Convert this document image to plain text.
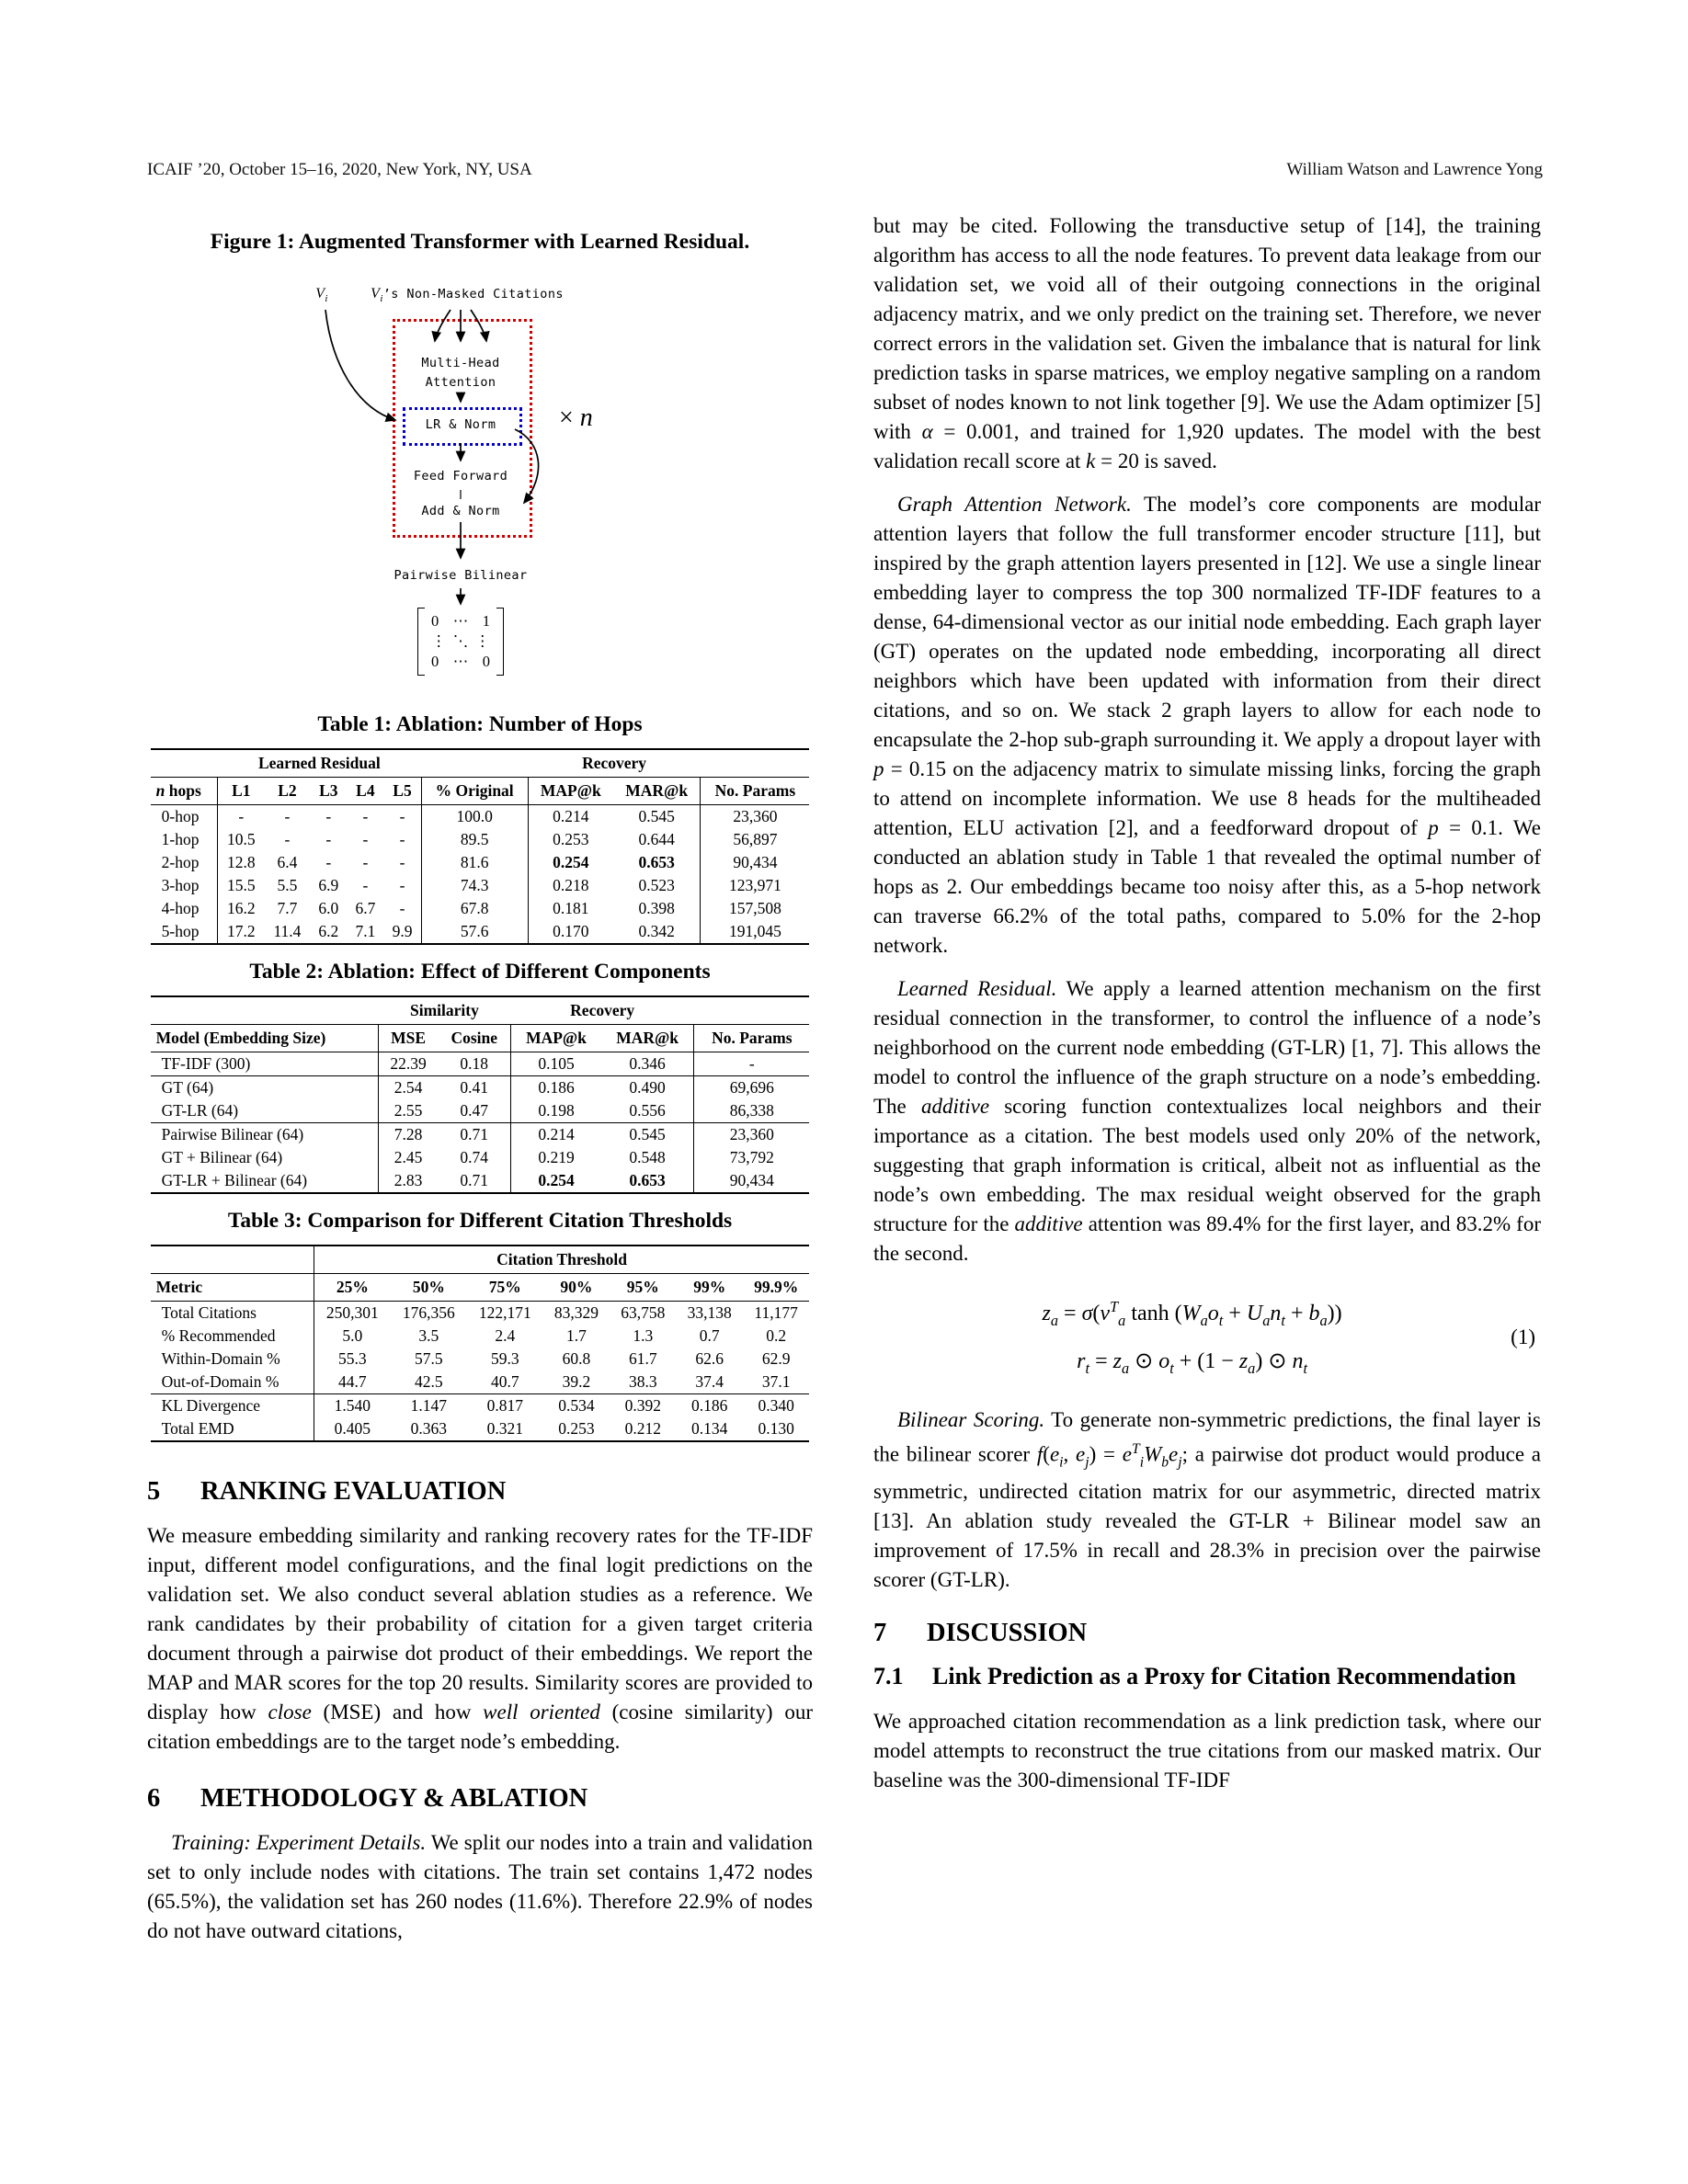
ICAIF ’20, October 15–16, 2020, New York, NY, USA	William Watson and Lawrence Yong
Figure 1: Augmented Transformer with Learned Residual.
$V_i$	$V_i’s$ Non-Masked Citations
Multi-Head
Attention
LR & Norm × n
Feed Forward
Add & Norm
Pairwise Bilinear
0 ⋯ 1
⋮ ⋱ ⋮
0 ⋯ 0
Table 1: Ablation: Number of Hops
	Learned Residual						Recovery		
n hops	L1	L2	L3	L4	L5	% Original	MAP@k	MAR@k	No. Params
0-hop	-	-	-	-	-	100.0	0.214	0.545	23,360
1-hop	10.5	-	-	-	-	89.5	0.253	0.644	56,897
2-hop	12.8	6.4	-	-	-	81.6	0.254	0.653	90,434
3-hop	15.5	5.5	6.9	-	-	74.3	0.218	0.523	123,971
4-hop	16.2	7.7	6.0	6.7	-	67.8	0.181	0.398	157,508
5-hop	17.2	11.4	6.2	7.1	9.9	57.6	0.170	0.342	191,045
Table 2: Ablation: Effect of Different Components
	Similarity		Recovery		
Model (Embedding Size)	MSE	Cosine	MAP@k	MAR@k	No. Params
TF-IDF (300)	22.39	0.18	0.105	0.346	-
GT (64)	2.54	0.41	0.186	0.490	69,696
GT-LR (64)	2.55	0.47	0.198	0.556	86,338
Pairwise Bilinear (64)	7.28	0.71	0.214	0.545	23,360
GT + Bilinear (64)	2.45	0.74	0.219	0.548	73,792
GT-LR + Bilinear (64)	2.83	0.71	0.254	0.653	90,434
Table 3: Comparison for Different Citation Thresholds
	Citation Threshold						
Metric	25%	50%	75%	90%	95%	99%	99.9%
Total Citations	250,301	176,356	122,171	83,329	63,758	33,138	11,177
% Recommended	5.0	3.5	2.4	1.7	1.3	0.7	0.2
Within-Domain %	55.3	57.5	59.3	60.8	61.7	62.6	62.9
Out-of-Domain %	44.7	42.5	40.7	39.2	38.3	37.4	37.1
KL Divergence	1.540	1.147	0.817	0.534	0.392	0.186	0.340
Total EMD	0.405	0.363	0.321	0.253	0.212	0.134	0.130
5	RANKING EVALUATION

We measure embedding similarity and ranking recovery rates for the TF-IDF input, different model configurations, and the final logit predictions on the validation set. We also conduct several ablation studies as a reference. We rank candidates by their probability of citation for a given target criteria document through a pairwise dot product of their embeddings. We report the MAP and MAR scores for the top 20 results. Similarity scores are provided to display how close (MSE) and how well oriented (cosine similarity) our citation embeddings are to the target node’s embedding.

6	METHODOLOGY & ABLATION

Training: Experiment Details. We split our nodes into a train and validation set to only include nodes with citations. The train set contains 1,472 nodes (65.5%), the validation set has 260 nodes (11.6%). Therefore 22.9% of nodes do not have outward citations,

but may be cited. Following the transductive setup of [14], the training algorithm has access to all the node features. To prevent data leakage from our validation set, we void all of their outgoing connections in the original adjacency matrix, and we only predict on the training set. Therefore, we never correct errors in the validation set. Given the imbalance that is natural for link prediction tasks in sparse matrices, we employ negative sampling on a random subset of nodes known to not link together [9]. We use the Adam optimizer [5] with α = 0.001, and trained for 1,920 updates. The model with the best validation recall score at k = 20 is saved.

Graph Attention Network. The model’s core components are modular attention layers that follow the full transformer encoder structure [11], but inspired by the graph attention layers presented in [12]. We use a single linear embedding layer to compress the top 300 normalized TF-IDF features to a dense, 64-dimensional vector as our initial node embedding. Each graph layer (GT) operates on the updated node embedding, incorporating all direct neighbors which have been updated with information from their direct citations, and so on. We stack 2 graph layers to allow for each node to encapsulate the 2-hop sub-graph surrounding it. We apply a dropout layer with p = 0.15 on the adjacency matrix to simulate missing links, forcing the graph to attend on incomplete information. We use 8 heads for the multiheaded attention, ELU activation [2], and a feedforward dropout of p = 0.1. We conducted an ablation study in Table 1 that revealed the optimal number of hops as 2. Our embeddings became too noisy after this, as a 5-hop network can traverse 66.2% of the total paths, compared to 5.0% for the 2-hop network.

Learned Residual. We apply a learned attention mechanism on the first residual connection in the transformer, to control the influence of a node’s neighborhood on the current node embedding (GT-LR) [1, 7]. This allows the model to control the influence of the graph structure on a node’s embedding. The additive scoring function contextualizes local neighbors and their importance as a citation. The best models used only 20% of the network, suggesting that graph information is critical, albeit not as influential as the node’s own embedding. The max residual weight observed for the graph structure for the additive attention was 89.4% for the first layer, and 83.2% for the second.

$z_a = \sigma(v^T_a$ $\tanh (W_ao_t + U_an_t + b_a)$)
$r_t = z_a$ ⊙ $o_t + (1 - z_a)$ ⊙ $n_t$
(1)

Bilinear Scoring. To generate non-symmetric predictions, the final layer is the bilinear scorer $f(e_i$, $e_j) = e^T_iW_be_j$; a pairwise dot product would produce a symmetric, undirected citation matrix for our asymmetric, directed matrix [13]. An ablation study revealed the GT-LR + Bilinear model saw an improvement of 17.5% in recall and 28.3% in precision over the pairwise scorer (GT-LR).

7	DISCUSSION
7.1	Link Prediction as a Proxy for Citation Recommendation

We approached citation recommendation as a link prediction task, where our model attempts to reconstruct the true citations from our masked matrix. Our baseline was the 300-dimensional TF-IDF
